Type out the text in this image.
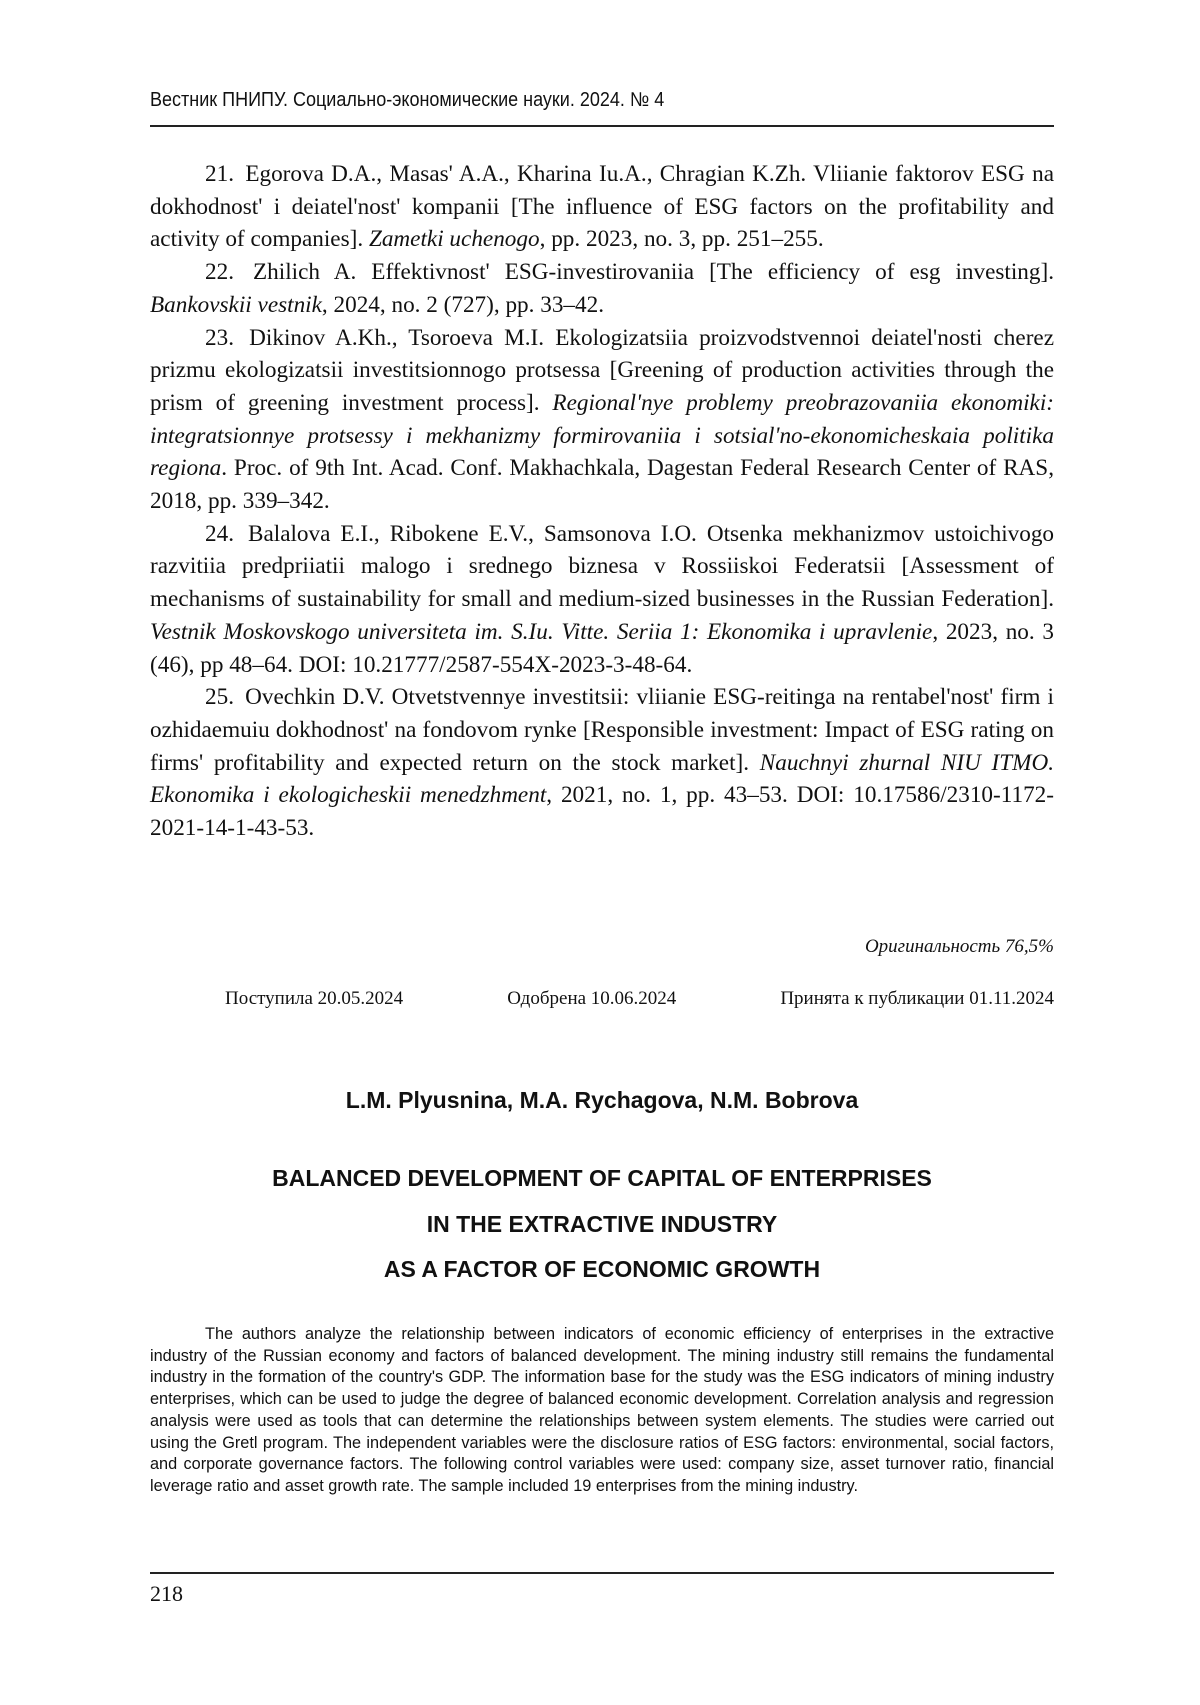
Вестник ПНИПУ. Социально-экономические науки. 2024. № 4

21. Egorova D.A., Masas' A.A., Kharina Iu.A., Chragian K.Zh. Vliianie faktorov ESG na dokhodnost' i deiatel'nost' kompanii [The influence of ESG factors on the profitability and activity of companies]. Zametki uchenogo, pp. 2023, no. 3, pp. 251–255.

22. Zhilich A. Effektivnost' ESG-investirovaniia [The efficiency of esg investing]. Bankovskii vestnik, 2024, no. 2 (727), pp. 33–42.

23. Dikinov A.Kh., Tsoroeva M.I. Ekologizatsiia proizvodstvennoi deiatel'nosti cherez prizmu ekologizatsii investitsionnogo protsessa [Greening of production activities through the prism of greening investment process]. Regional'nye problemy preobrazovaniia ekonomiki: integratsionnye protsessy i mekhanizmy formirovaniia i sotsial'no-ekonomicheskaia politika regiona. Proc. of 9th Int. Acad. Conf. Makhachkala, Dagestan Federal Research Center of RAS, 2018, pp. 339–342.

24. Balalova E.I., Ribokene E.V., Samsonova I.O. Otsenka mekhanizmov ustoichivogo razvitiia predpriiatii malogo i srednego biznesa v Rossiiskoi Federatsii [Assessment of mechanisms of sustainability for small and medium-sized businesses in the Russian Federation]. Vestnik Moskovskogo universiteta im. S.Iu. Vitte. Seriia 1: Ekonomika i upravlenie, 2023, no. 3 (46), pp 48–64. DOI: 10.21777/2587-554X-2023-3-48-64.

25. Ovechkin D.V. Otvetstvennye investitsii: vliianie ESG-reitinga na rentabel'nost' firm i ozhidaemuiu dokhodnost' na fondovom rynke [Responsible investment: Impact of ESG rating on firms' profitability and expected return on the stock market]. Nauchnyi zhurnal NIU ITMO. Ekonomika i ekologicheskii menedzhment, 2021, no. 1, pp. 43–53. DOI: 10.17586/2310-1172-2021-14-1-43-53.

Оригинальность 76,5%
Поступила 20.05.2024	Одобрена 10.06.2024	Принята к публикации 01.11.2024
L.M. Plyusnina, M.A. Rychagova, N.M. Bobrova
BALANCED DEVELOPMENT OF CAPITAL OF ENTERPRISES
IN THE EXTRACTIVE INDUSTRY
AS A FACTOR OF ECONOMIC GROWTH

The authors analyze the relationship between indicators of economic efficiency of enterprises in the extractive industry of the Russian economy and factors of balanced development. The mining industry still remains the fundamental industry in the formation of the country's GDP. The information base for the study was the ESG indicators of mining industry enterprises, which can be used to judge the degree of balanced economic development. Correlation analysis and regression analysis were used as tools that can determine the relationships between system elements. The studies were carried out using the Gretl program. The independent variables were the disclosure ratios of ESG factors: environmental, social factors, and corporate governance factors. The following control variables were used: company size, asset turnover ratio, financial leverage ratio and asset growth rate. The sample included 19 enterprises from the mining industry.

218
